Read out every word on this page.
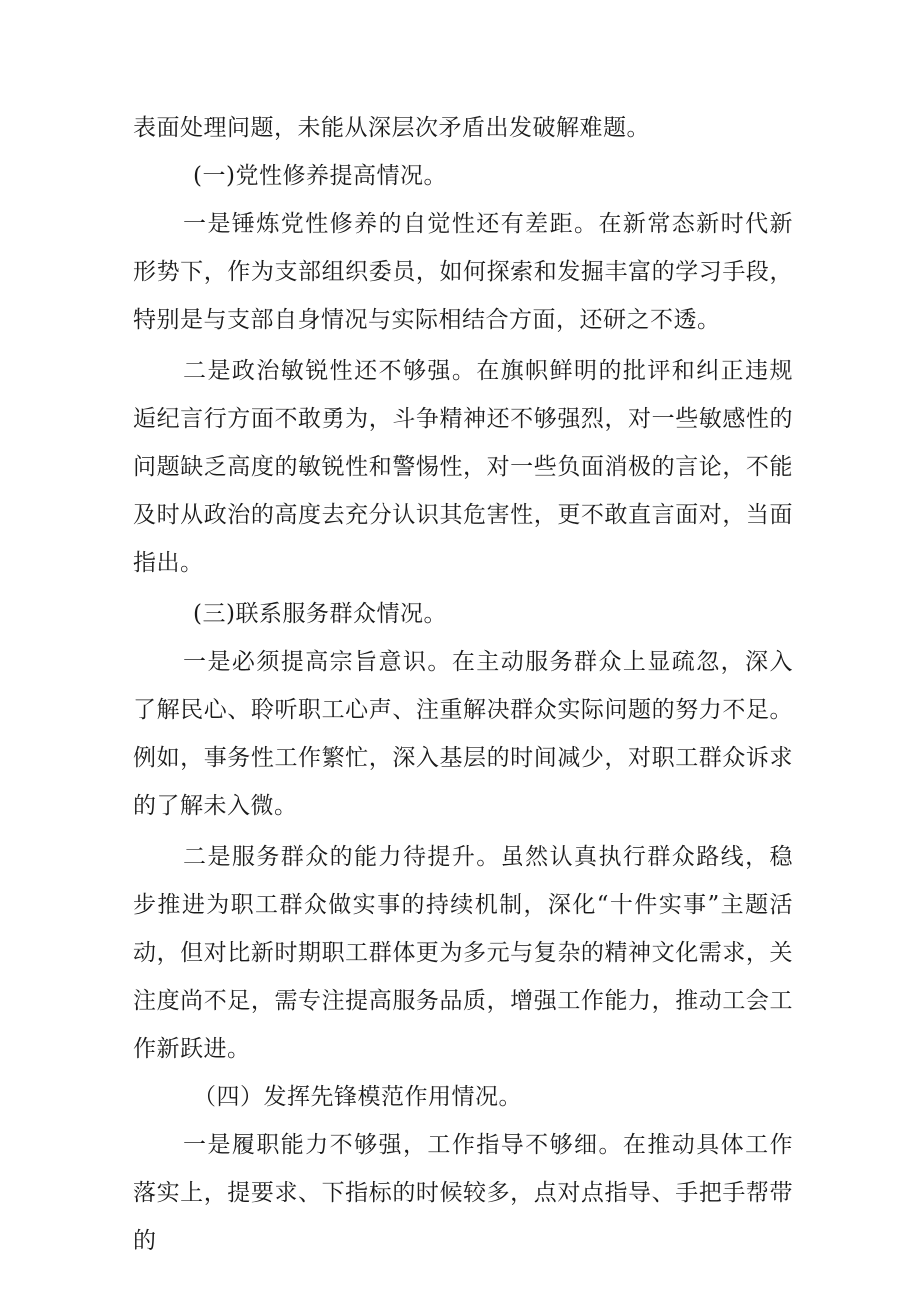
表面处理问题，未能从深层次矛盾出发破解难题。

(一)党性修养提高情况。

一是锤炼党性修养的自觉性还有差距。在新常态新时代新形势下，作为支部组织委员，如何探索和发掘丰富的学习手段，特别是与支部自身情况与实际相结合方面，还研之不透。

二是政治敏锐性还不够强。在旗帜鲜明的批评和纠正违规逅纪言行方面不敢勇为，斗争精神还不够强烈，对一些敏感性的问题缺乏高度的敏锐性和警惕性，对一些负面消极的言论，不能及时从政治的高度去充分认识其危害性，更不敢直言面对，当面指出。

(三)联系服务群众情况。

一是必须提高宗旨意识。在主动服务群众上显疏忽，深入了解民心、聆听职工心声、注重解决群众实际问题的努力不足。例如，事务性工作繁忙，深入基层的时间减少，对职工群众诉求的了解未入微。

二是服务群众的能力待提升。虽然认真执行群众路线，稳步推进为职工群众做实事的持续机制，深化“十件实事”主题活动，但对比新时期职工群体更为多元与复杂的精神文化需求，关注度尚不足，需专注提高服务品质，增强工作能力，推动工会工作新跃进。

（四）发挥先锋模范作用情况。

一是履职能力不够强，工作指导不够细。在推动具体工作落实上，提要求、下指标的时候较多，点对点指导、手把手帮带的
